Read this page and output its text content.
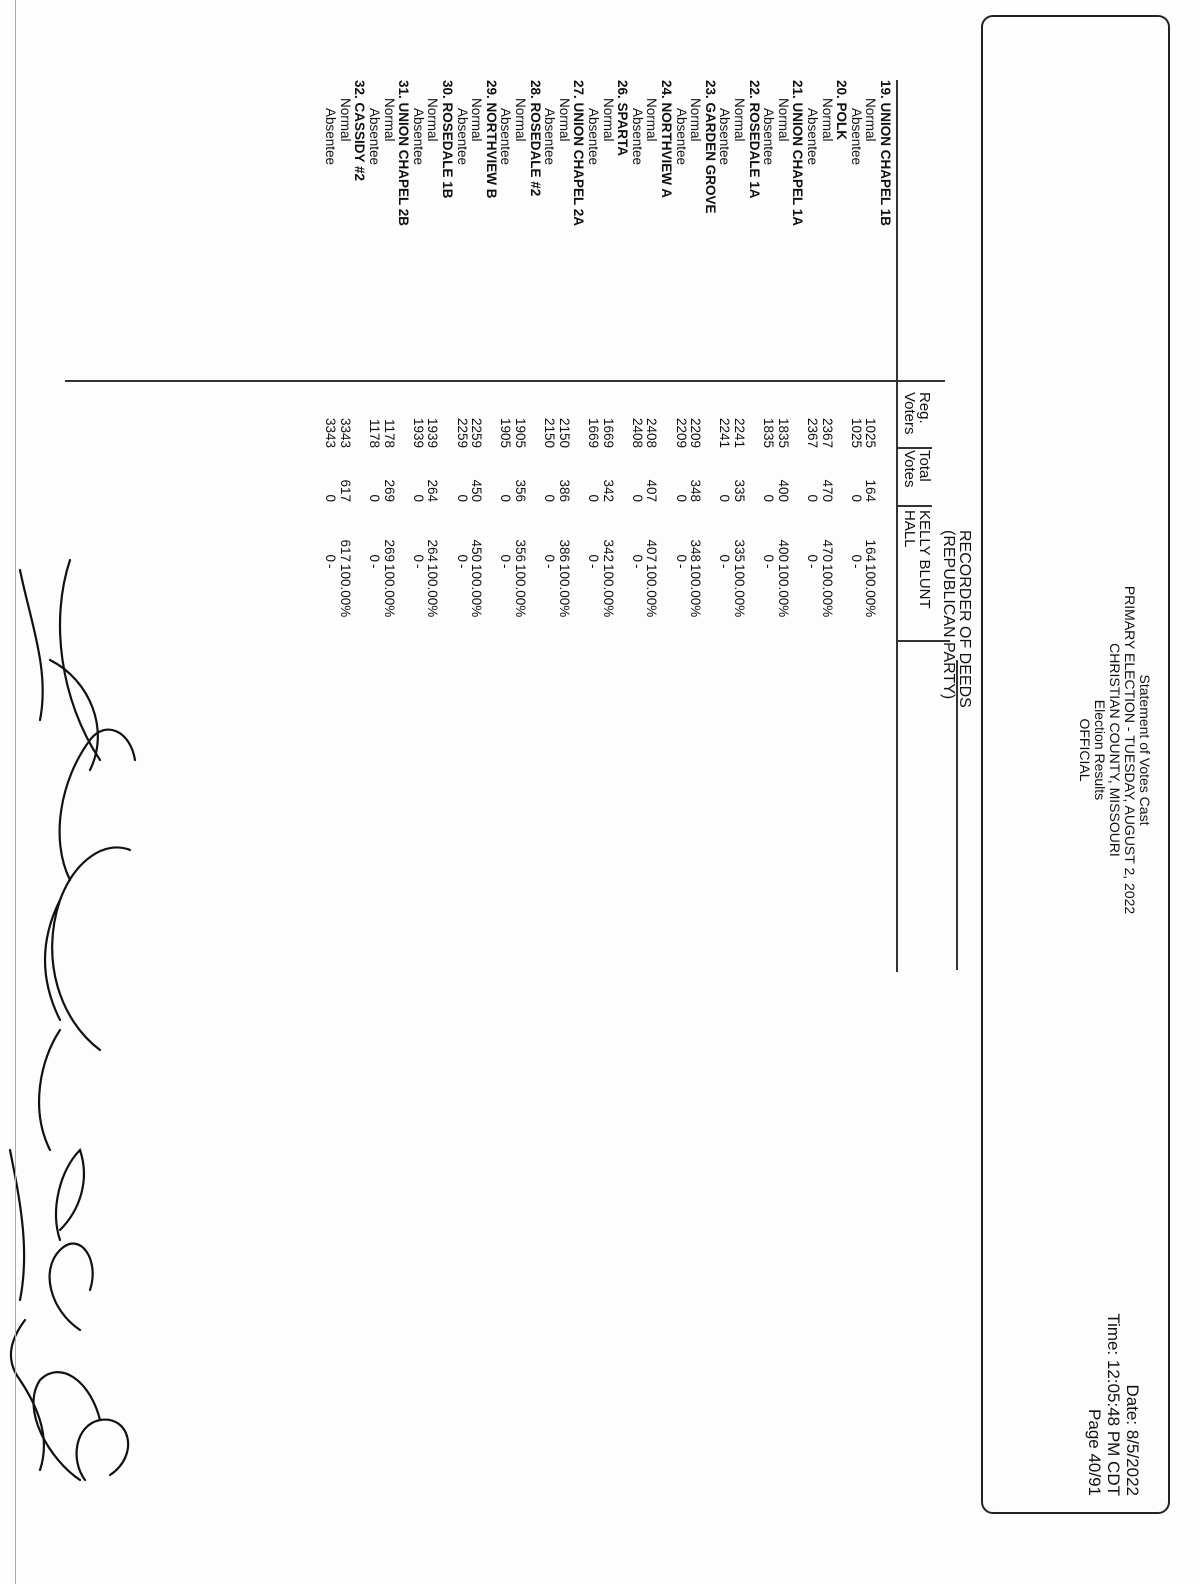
Statement of Votes Cast
PRIMARY ELECTION - TUESDAY, AUGUST 2, 2022
CHRISTIAN COUNTY, MISSOURI
Election Results
OFFICIAL
Date: 8/5/2022
Time: 12:05:48 PM CDT
Page 40/91
RECORDER OF DEEDS
(REPUBLICAN PARTY)
Reg.
Voters
Total
Votes
KELLY BLUNT
HALL
19. UNION CHAPEL 1B
Normal
1025
164
164
100.00%
Absentee
1025
0
0
-
20. POLK
Normal
2367
470
470
100.00%
Absentee
2367
0
0
-
21. UNION CHAPEL 1A
Normal
1835
400
400
100.00%
Absentee
1835
0
0
-
22. ROSEDALE 1A
Normal
2241
335
335
100.00%
Absentee
2241
0
0
-
23. GARDEN GROVE
Normal
2209
348
348
100.00%
Absentee
2209
0
0
-
24. NORTHVIEW A
Normal
2408
407
407
100.00%
Absentee
2408
0
0
-
26. SPARTA
Normal
1669
342
342
100.00%
Absentee
1669
0
0
-
27. UNION CHAPEL 2A
Normal
2150
386
386
100.00%
Absentee
2150
0
0
-
28. ROSEDALE #2
Normal
1905
356
356
100.00%
Absentee
1905
0
0
-
29. NORTHVIEW B
Normal
2259
450
450
100.00%
Absentee
2259
0
0
-
30. ROSEDALE 1B
Normal
1939
264
264
100.00%
Absentee
1939
0
0
-
31. UNION CHAPEL 2B
Normal
1178
269
269
100.00%
Absentee
1178
0
0
-
32. CASSIDY #2
Normal
3343
617
617
100.00%
Absentee
3343
0
0
-
